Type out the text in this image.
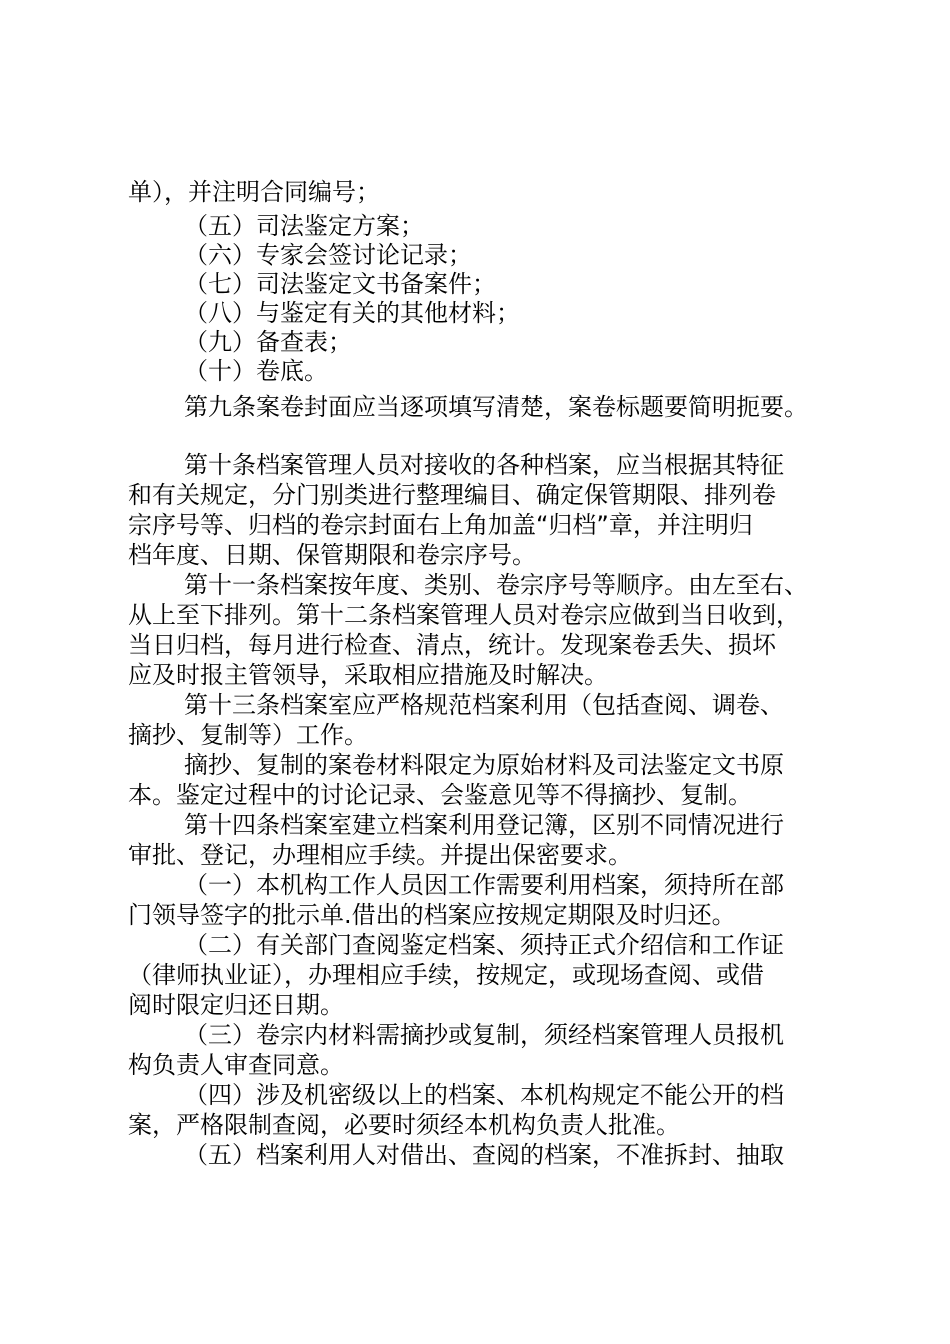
单），并注明合同编号；
（五）司法鉴定方案；
（六）专家会签讨论记录；
（七）司法鉴定文书备案件；
（八）与鉴定有关的其他材料；
（九）备查表；
（十）卷底。
第九条案卷封面应当逐项填写清楚，案卷标题要简明扼要。
第十条档案管理人员对接收的各种档案，应当根据其特征
和有关规定，分门别类进行整理编目、确定保管期限、排列卷
宗序号等、归档的卷宗封面右上角加盖“归档”章，并注明归
档年度、日期、保管期限和卷宗序号。
第十一条档案按年度、类别、卷宗序号等顺序。由左至右、
从上至下排列。第十二条档案管理人员对卷宗应做到当日收到，
当日归档，每月进行检查、清点，统计。发现案卷丢失、损坏
应及时报主管领导，采取相应措施及时解决。
第十三条档案室应严格规范档案利用（包括查阅、调卷、
摘抄、复制等）工作。
摘抄、复制的案卷材料限定为原始材料及司法鉴定文书原
本。鉴定过程中的讨论记录、会鉴意见等不得摘抄、复制。
第十四条档案室建立档案利用登记簿，区别不同情况进行
审批、登记，办理相应手续。并提出保密要求。
（一）本机构工作人员因工作需要利用档案，须持所在部
门领导签字的批示单.借出的档案应按规定期限及时归还。
（二）有关部门查阅鉴定档案、须持正式介绍信和工作证
（律师执业证），办理相应手续，按规定，或现场查阅、或借
阅时限定归还日期。
（三）卷宗内材料需摘抄或复制，须经档案管理人员报机
构负责人审查同意。
（四）涉及机密级以上的档案、本机构规定不能公开的档
案，严格限制查阅，必要时须经本机构负责人批准。
（五）档案利用人对借出、查阅的档案，不准拆封、抽取
